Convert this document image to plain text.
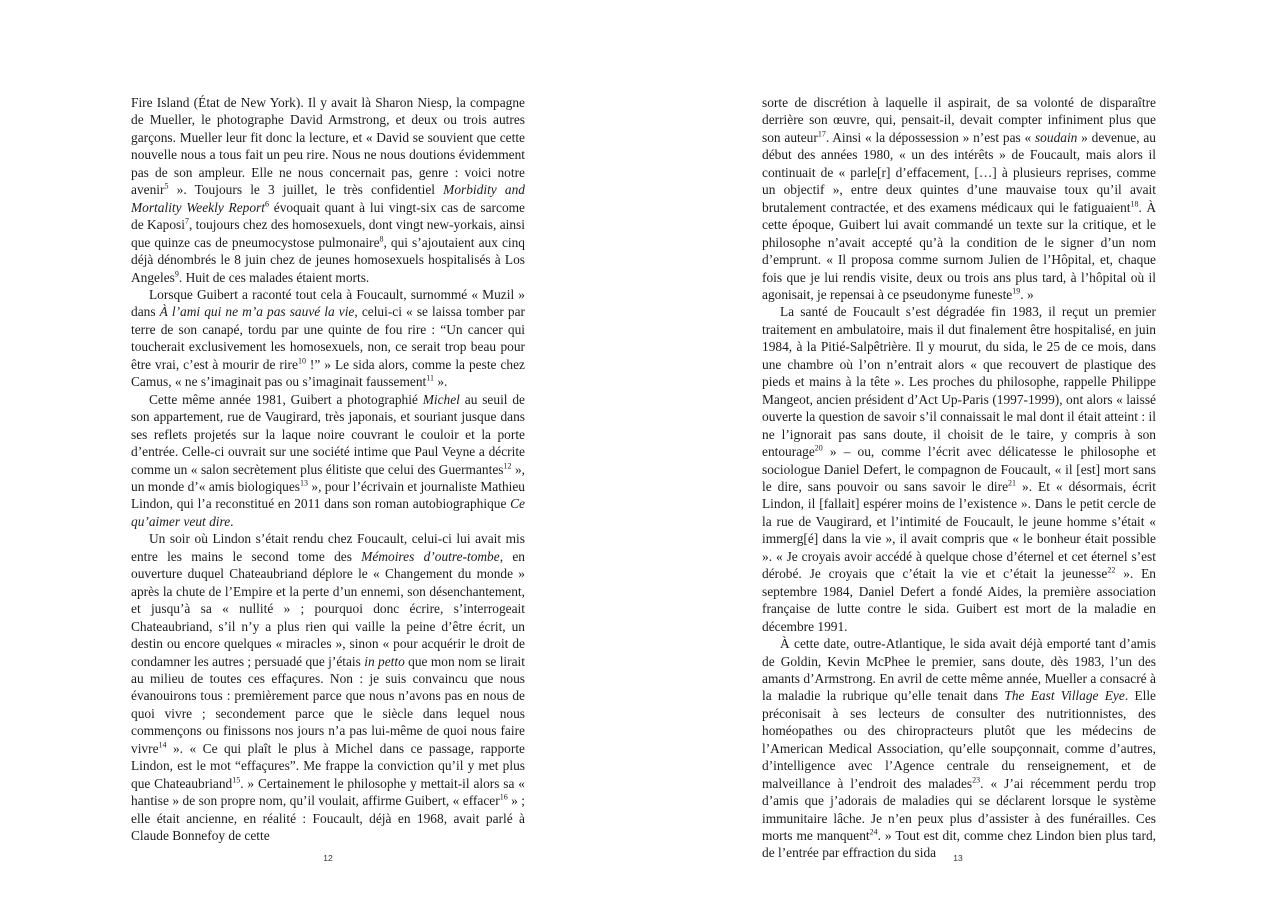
Fire Island (État de New York). Il y avait là Sharon Niesp, la compagne de Mueller, le photographe David Armstrong, et deux ou trois autres garçons. Mueller leur fit donc la lecture, et « David se souvient que cette nouvelle nous a tous fait un peu rire. Nous ne nous doutions évidemment pas de son ampleur. Elle ne nous concernait pas, genre : voici notre avenir$^5$ ». Toujours le 3 juillet, le très confidentiel Morbidity and Mortality Weekly Report$^6$ évoquait quant à lui vingt-six cas de sarcome de Kaposi$^7$, toujours chez des homosexuels, dont vingt new-yorkais, ainsi que quinze cas de pneumocystose pulmonaire$^8$, qui s’ajoutaient aux cinq déjà dénombrés le 8 juin chez de jeunes homosexuels hospitalisés à Los Angeles$^9$. Huit de ces malades étaient morts.

Lorsque Guibert a raconté tout cela à Foucault, surnommé « Muzil » dans À l’ami qui ne m’a pas sauvé la vie, celui-ci « se laissa tomber par terre de son canapé, tordu par une quinte de fou rire : “Un cancer qui toucherait exclusivement les homosexuels, non, ce serait trop beau pour être vrai, c’est à mourir de rire$^{10}$ !” » Le sida alors, comme la peste chez Camus, « ne s’imaginait pas ou s’imaginait faussement$^{11}$ ».

Cette même année 1981, Guibert a photographié Michel au seuil de son appartement, rue de Vaugirard, très japonais, et souriant jusque dans ses reflets projetés sur la laque noire couvrant le couloir et la porte d’entrée. Celle-ci ouvrait sur une société intime que Paul Veyne a décrite comme un « salon secrètement plus élitiste que celui des Guermantes$^{12}$ », un monde d’« amis biologiques$^{13}$ », pour l’écrivain et journaliste Mathieu Lindon, qui l’a reconstitué en 2011 dans son roman autobiographique Ce qu’aimer veut dire.

Un soir où Lindon s’était rendu chez Foucault, celui-ci lui avait mis entre les mains le second tome des Mémoires d’outre-tombe, en ouverture duquel Chateaubriand déplore le « Changement du monde » après la chute de l’Empire et la perte d’un ennemi, son désenchantement, et jusqu’à sa « nullité » ; pourquoi donc écrire, s’interrogeait Chateaubriand, s’il n’y a plus rien qui vaille la peine d’être écrit, un destin ou encore quelques « miracles », sinon « pour acquérir le droit de condamner les autres ; persuadé que j’étais in petto que mon nom se lirait au milieu de toutes ces effaçures. Non : je suis convaincu que nous évanouirons tous : premièrement parce que nous n’avons pas en nous de quoi vivre ; secondement parce que le siècle dans lequel nous commençons ou finissons nos jours n’a pas lui-même de quoi nous faire vivre$^{14}$ ». « Ce qui plaît le plus à Michel dans ce passage, rapporte Lindon, est le mot “effaçures”. Me frappe la conviction qu’il y met plus que Chateaubriand$^{15}$. » Certainement le philosophe y mettait-il alors sa « hantise » de son propre nom, qu’il voulait, affirme Guibert, « effacer$^{16}$ » ; elle était ancienne, en réalité : Foucault, déjà en 1968, avait parlé à Claude Bonnefoy de cette

12

sorte de discrétion à laquelle il aspirait, de sa volonté de disparaître derrière son œuvre, qui, pensait-il, devait compter infiniment plus que son auteur$^{17}$. Ainsi « la dépossession » n’est pas « soudain » devenue, au début des années 1980, « un des intérêts » de Foucault, mais alors il continuait de « parle[r] d’effacement, […] à plusieurs reprises, comme un objectif », entre deux quintes d’une mauvaise toux qu’il avait brutalement contractée, et des examens médicaux qui le fatiguaient$^{18}$. À cette époque, Guibert lui avait commandé un texte sur la critique, et le philosophe n’avait accepté qu’à la condition de le signer d’un nom d’emprunt. « Il proposa comme surnom Julien de l’Hôpital, et, chaque fois que je lui rendis visite, deux ou trois ans plus tard, à l’hôpital où il agonisait, je repensai à ce pseudonyme funeste$^{19}$. »

La santé de Foucault s’est dégradée fin 1983, il reçut un premier traitement en ambulatoire, mais il dut finalement être hospitalisé, en juin 1984, à la Pitié-Salpêtrière. Il y mourut, du sida, le 25 de ce mois, dans une chambre où l’on n’entrait alors « que recouvert de plastique des pieds et mains à la tête ». Les proches du philosophe, rappelle Philippe Mangeot, ancien président d’Act Up-Paris (1997-1999), ont alors « laissé ouverte la question de savoir s’il connaissait le mal dont il était atteint : il ne l’ignorait pas sans doute, il choisit de le taire, y compris à son entourage$^{20}$ » – ou, comme l’écrit avec délicatesse le philosophe et sociologue Daniel Defert, le compagnon de Foucault, « il [est] mort sans le dire, sans pouvoir ou sans savoir le dire$^{21}$ ». Et « désormais, écrit Lindon, il [fallait] espérer moins de l’existence ». Dans le petit cercle de la rue de Vaugirard, et l’intimité de Foucault, le jeune homme s’était « immerg[é] dans la vie », il avait compris que « le bonheur était possible ». « Je croyais avoir accédé à quelque chose d’éternel et cet éternel s’est dérobé. Je croyais que c’était la vie et c’était la jeunesse$^{22}$ ». En septembre 1984, Daniel Defert a fondé Aides, la première association française de lutte contre le sida. Guibert est mort de la maladie en décembre 1991.

À cette date, outre-Atlantique, le sida avait déjà emporté tant d’amis de Goldin, Kevin McPhee le premier, sans doute, dès 1983, l’un des amants d’Armstrong. En avril de cette même année, Mueller a consacré à la maladie la rubrique qu’elle tenait dans The East Village Eye. Elle préconisait à ses lecteurs de consulter des nutritionnistes, des homéopathes ou des chiropracteurs plutôt que les médecins de l’American Medical Association, qu’elle soupçonnait, comme d’autres, d’intelligence avec l’Agence centrale du renseignement, et de malveillance à l’endroit des malades$^{23}$. « J’ai récemment perdu trop d’amis que j’adorais de maladies qui se déclarent lorsque le système immunitaire lâche. Je n’en peux plus d’assister à des funérailles. Ces morts me manquent$^{24}$. » Tout est dit, comme chez Lindon bien plus tard, de l’entrée par effraction du sida	13
